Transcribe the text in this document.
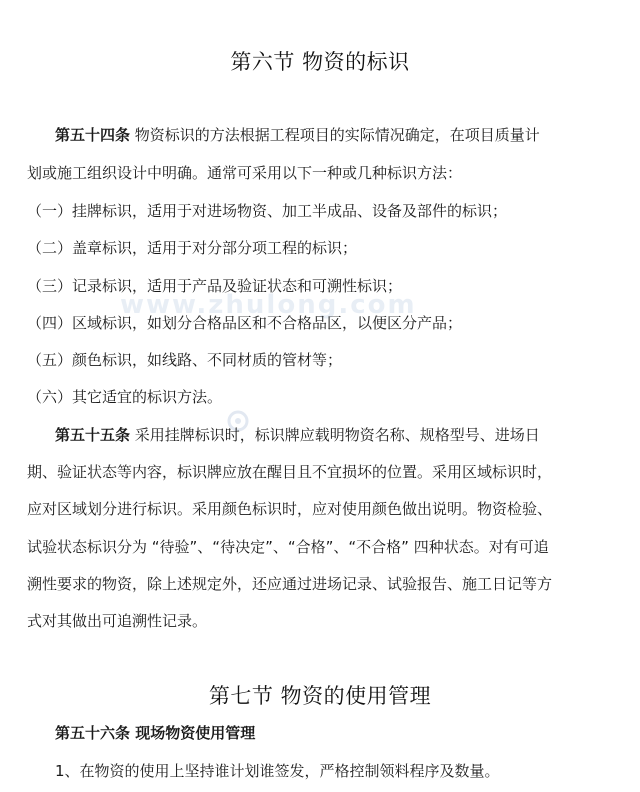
www.zhulong.com
第六节 物资的标识
第五十四条 物资标识的方法根据工程项目的实际情况确定，在项目质量计
划或施工组织设计中明确。通常可采用以下一种或几种标识方法：
（一）挂牌标识，适用于对进场物资、加工半成品、设备及部件的标识；
（二）盖章标识，适用于对分部分项工程的标识；
（三）记录标识，适用于产品及验证状态和可溯性标识；
（四）区域标识，如划分合格品区和不合格品区，以便区分产品；
（五）颜色标识，如线路、不同材质的管材等；
（六）其它适宜的标识方法。
第五十五条 采用挂牌标识时，标识牌应载明物资名称、规格型号、进场日
期、验证状态等内容，标识牌应放在醒目且不宜损坏的位置。采用区域标识时，
应对区域划分进行标识。采用颜色标识时，应对使用颜色做出说明。物资检验、
试验状态标识分为 “待验”、“待决定”、“合格”、“不合格” 四种状态。对有可追
溯性要求的物资，除上述规定外，还应通过进场记录、试验报告、施工日记等方
式对其做出可追溯性记录。
第七节 物资的使用管理
第五十六条 现场物资使用管理
1、在物资的使用上坚持谁计划谁签发，严格控制领料程序及数量。
